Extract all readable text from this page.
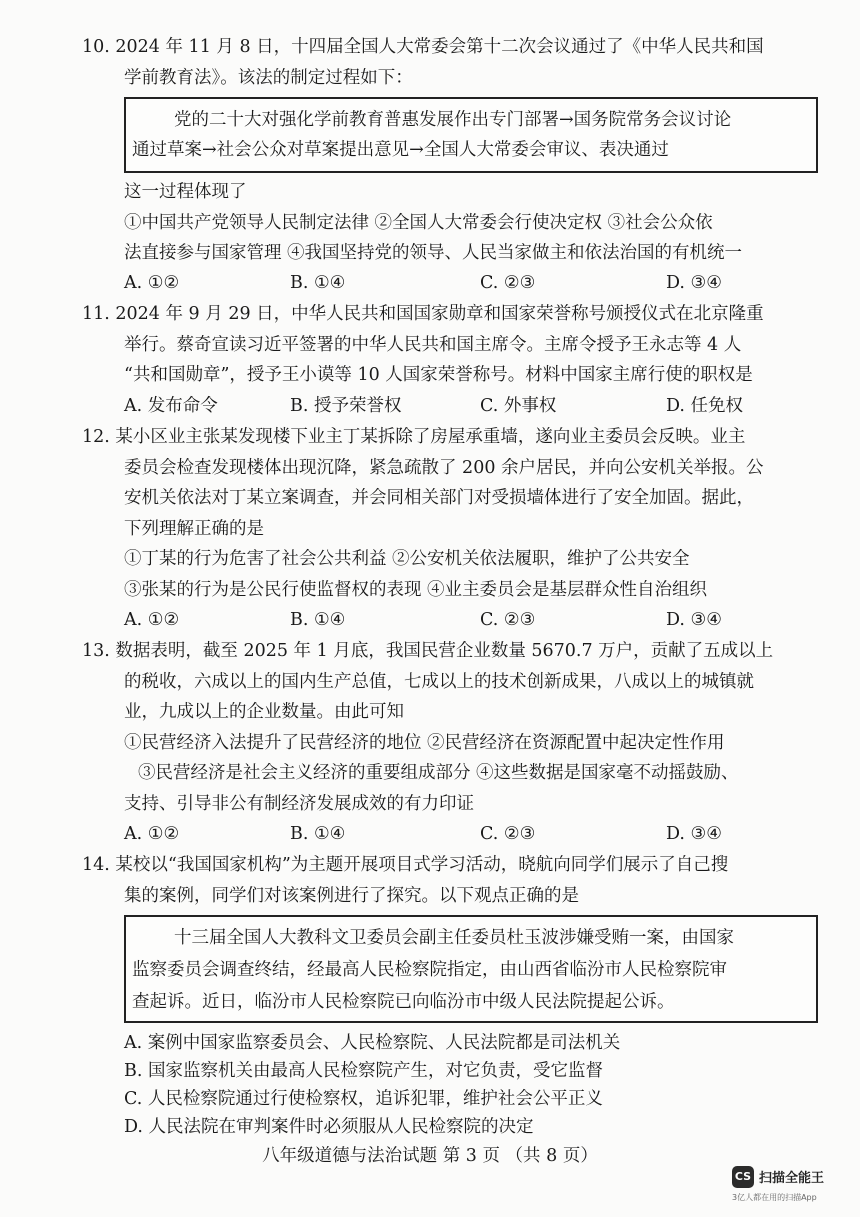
10. 2024 年 11 月 8 日，十四届全国人大常委会第十二次会议通过了《中华人民共和国
学前教育法》。该法的制定过程如下：
党的二十大对强化学前教育普惠发展作出专门部署→国务院常务会议讨论
通过草案→社会公众对草案提出意见→全国人大常委会审议、表决通过
这一过程体现了
①中国共产党领导人民制定法律 ②全国人大常委会行使决定权 ③社会公众依
法直接参与国家管理 ④我国坚持党的领导、人民当家做主和依法治国的有机统一
A. ①②	B. ①④	C. ②③	D. ③④
11. 2024 年 9 月 29 日，中华人民共和国国家勋章和国家荣誉称号颁授仪式在北京隆重
举行。蔡奇宣读习近平签署的中华人民共和国主席令。主席令授予王永志等 4 人
“共和国勋章”，授予王小谟等 10 人国家荣誉称号。材料中国家主席行使的职权是
A. 发布命令	B. 授予荣誉权	C. 外事权	D. 任免权
12. 某小区业主张某发现楼下业主丁某拆除了房屋承重墙，遂向业主委员会反映。业主
委员会检查发现楼体出现沉降，紧急疏散了 200 余户居民，并向公安机关举报。公
安机关依法对丁某立案调查，并会同相关部门对受损墙体进行了安全加固。据此，
下列理解正确的是
①丁某的行为危害了社会公共利益 ②公安机关依法履职，维护了公共安全
③张某的行为是公民行使监督权的表现 ④业主委员会是基层群众性自治组织
A. ①②	B. ①④	C. ②③	D. ③④
13. 数据表明，截至 2025 年 1 月底，我国民营企业数量 5670.7 万户，贡献了五成以上
的税收，六成以上的国内生产总值，七成以上的技术创新成果，八成以上的城镇就
业，九成以上的企业数量。由此可知
①民营经济入法提升了民营经济的地位 ②民营经济在资源配置中起决定性作用
③民营经济是社会主义经济的重要组成部分 ④这些数据是国家毫不动摇鼓励、
支持、引导非公有制经济发展成效的有力印证
A. ①②	B. ①④	C. ②③	D. ③④
14. 某校以“我国国家机构”为主题开展项目式学习活动，晓航向同学们展示了自己搜
集的案例，同学们对该案例进行了探究。以下观点正确的是
十三届全国人大教科文卫委员会副主任委员杜玉波涉嫌受贿一案，由国家
监察委员会调查终结，经最高人民检察院指定，由山西省临汾市人民检察院审
查起诉。近日，临汾市人民检察院已向临汾市中级人民法院提起公诉。
A. 案例中国家监察委员会、人民检察院、人民法院都是司法机关
B. 国家监察机关由最高人民检察院产生，对它负责，受它监督
C. 人民检察院通过行使检察权，追诉犯罪，维护社会公平正义
D. 人民法院在审判案件时必须服从人民检察院的决定
八年级道德与法治试题 第 3 页 （共 8 页）
CS 扫描全能王
3亿人都在用的扫描App
